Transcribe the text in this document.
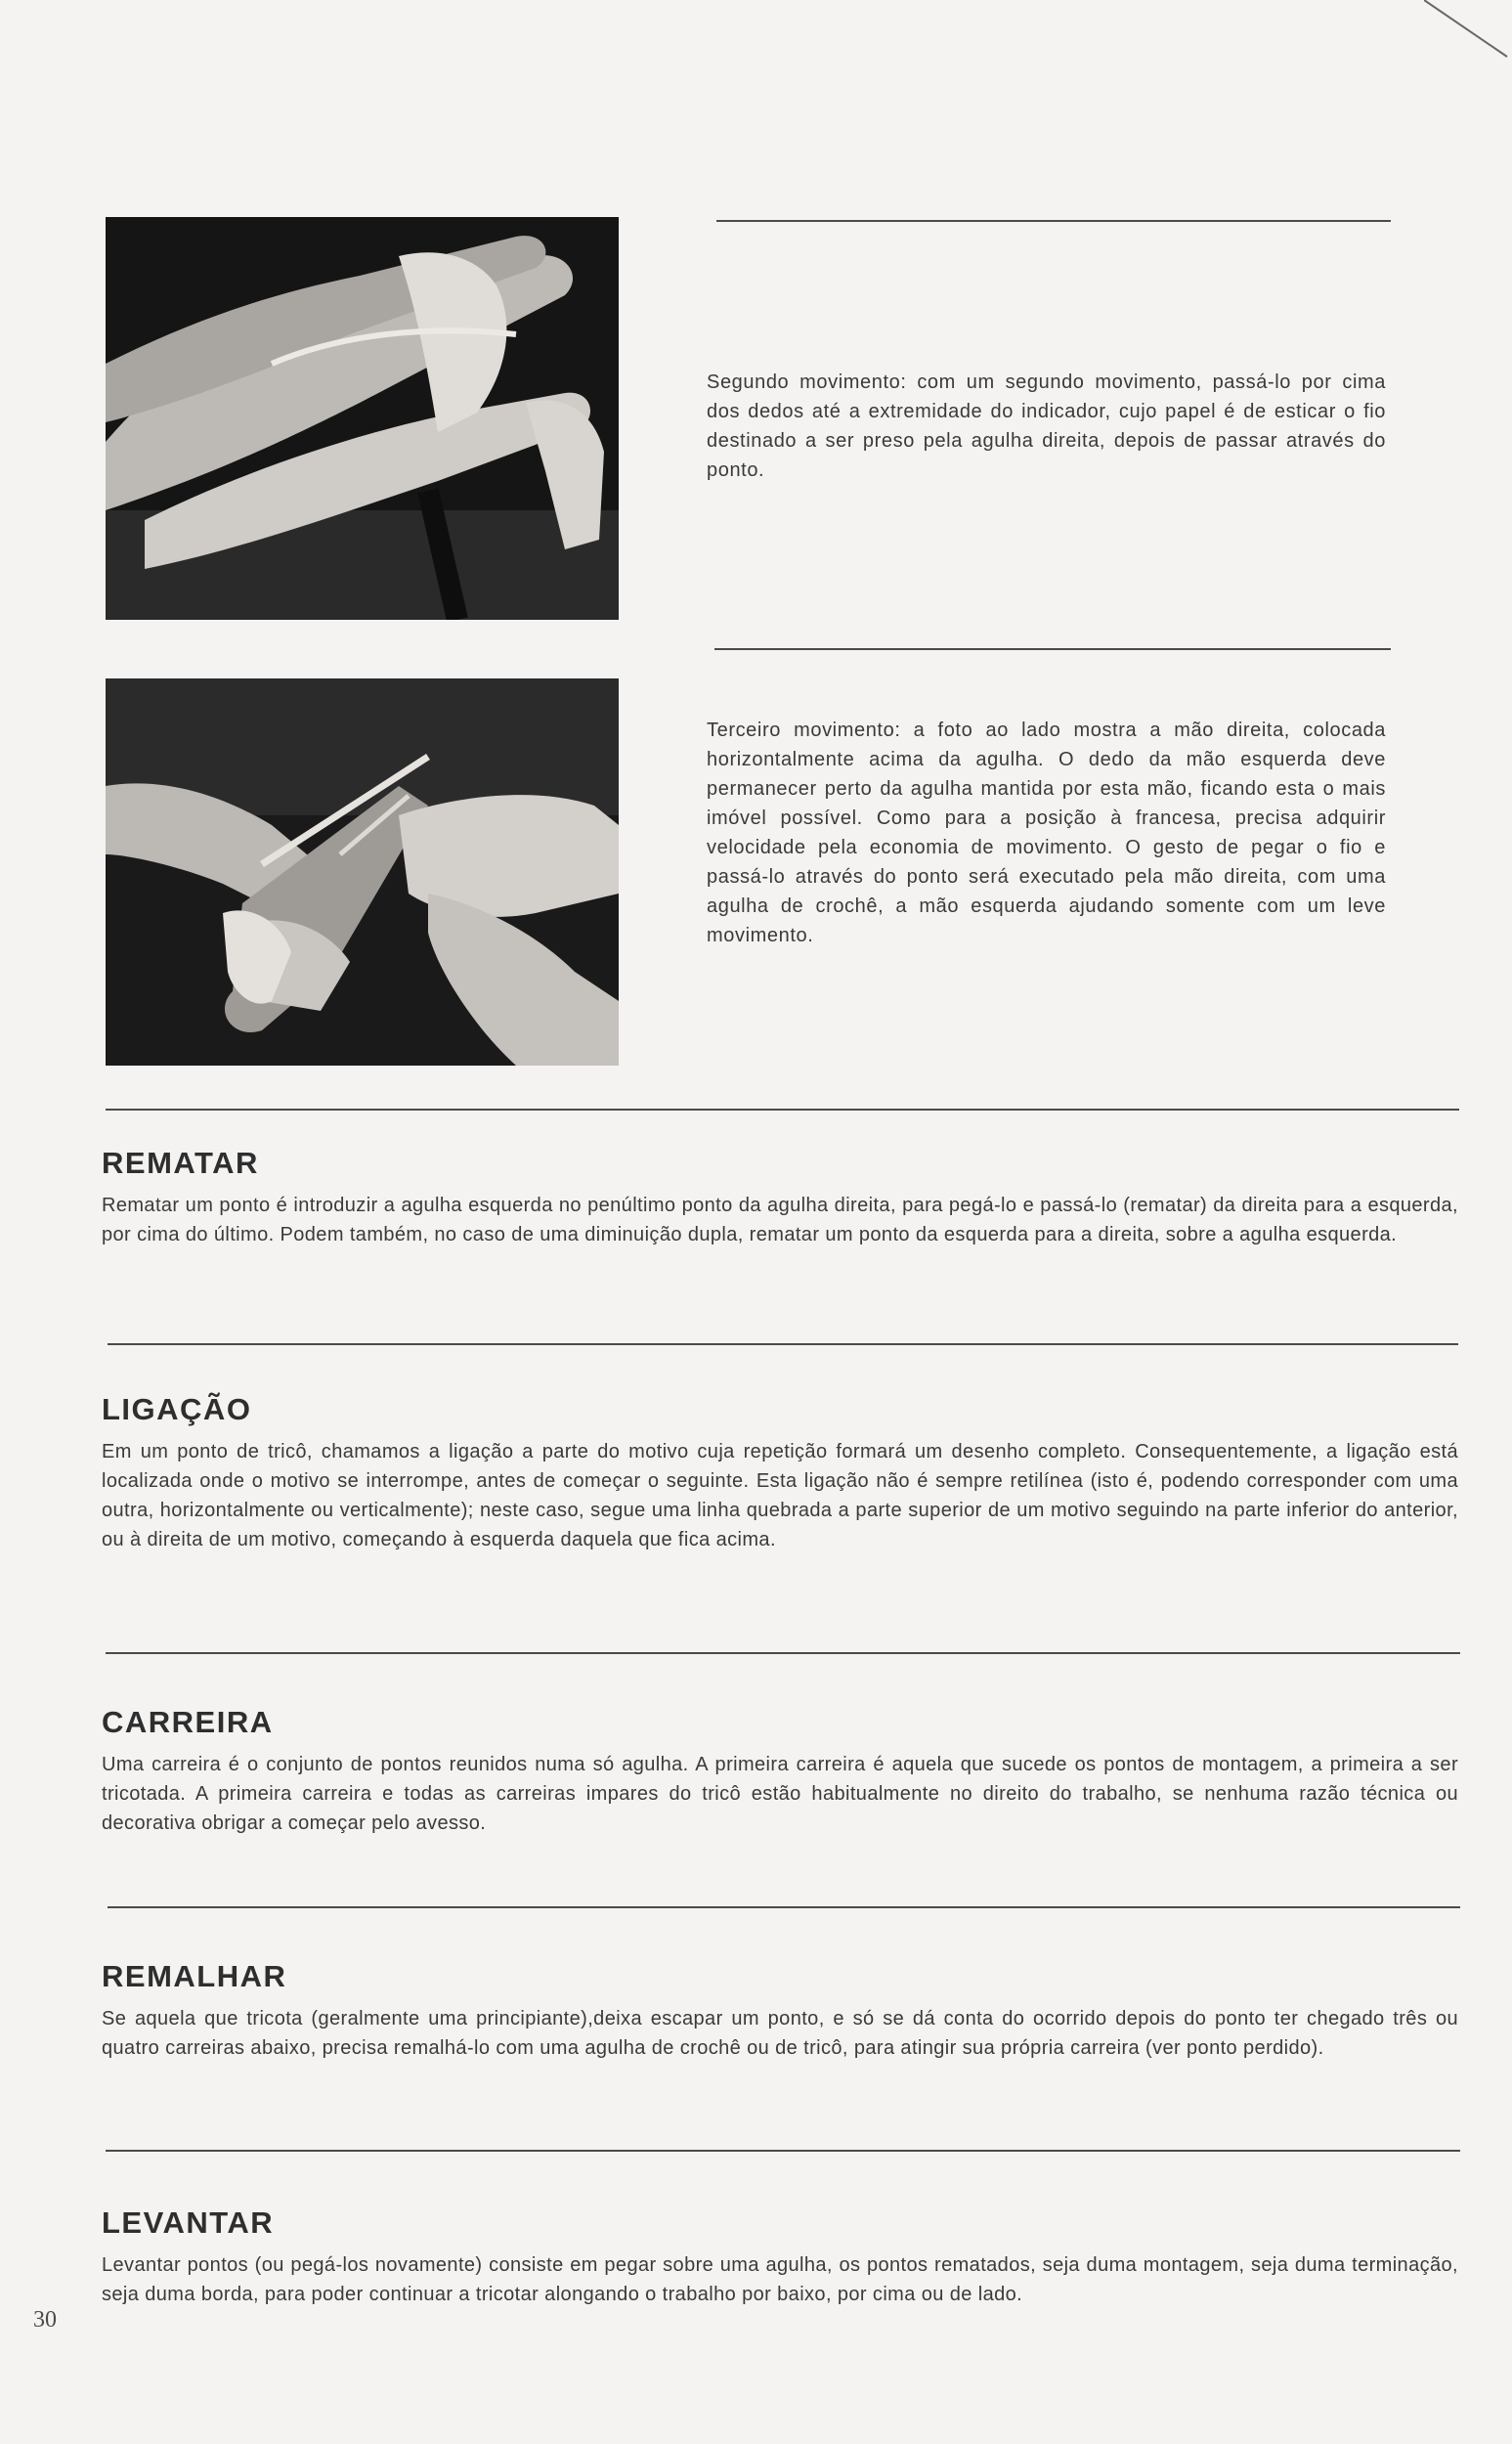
Segundo movimento: com um segundo movimento, passá-lo por cima dos dedos até a extremidade do indicador, cujo papel é de esticar o fio destinado a ser preso pela agulha direita, depois de passar através do ponto.
Terceiro movimento: a foto ao lado mostra a mão direita, colocada horizontalmente acima da agulha. O dedo da mão esquerda deve permanecer perto da agulha mantida por esta mão, ficando esta o mais imóvel possível. Como para a posição à francesa, precisa adquirir velocidade pela economia de movimento. O gesto de pegar o fio e passá-lo através do ponto será executado pela mão direita, com uma agulha de crochê, a mão esquerda ajudando somente com um leve movimento.
REMATAR

Rematar um ponto é introduzir a agulha esquerda no penúltimo ponto da agulha direita, para pegá-lo e passá-lo (rematar) da direita para a esquerda, por cima do último. Podem também, no caso de uma diminuição dupla, rematar um ponto da esquerda para a direita, sobre a agulha esquerda.

LIGAÇÃO

Em um ponto de tricô, chamamos a ligação a parte do motivo cuja repetição formará um desenho completo. Consequentemente, a ligação está localizada onde o motivo se interrompe, antes de começar o seguinte. Esta ligação não é sempre retilínea (isto é, podendo corresponder com uma outra, horizontalmente ou verticalmente); neste caso, segue uma linha quebrada a parte superior de um motivo seguindo na parte inferior do anterior, ou à direita de um motivo, começando à esquerda daquela que fica acima.

CARREIRA

Uma carreira é o conjunto de pontos reunidos numa só agulha. A primeira carreira é aquela que sucede os pontos de montagem, a primeira a ser tricotada. A primeira carreira e todas as carreiras impares do tricô estão habitualmente no direito do trabalho, se nenhuma razão técnica ou decorativa obrigar a começar pelo avesso.

REMALHAR

Se aquela que tricota (geralmente uma principiante),deixa escapar um ponto, e só se dá conta do ocorrido depois do ponto ter chegado três ou quatro carreiras abaixo, precisa remalhá-lo com uma agulha de crochê ou de tricô, para atingir sua própria carreira (ver ponto perdido).

LEVANTAR

Levantar pontos (ou pegá-los novamente) consiste em pegar sobre uma agulha, os pontos rematados, seja duma montagem, seja duma terminação, seja duma borda, para poder continuar a tricotar alongando o trabalho por baixo, por cima ou de lado.

30
